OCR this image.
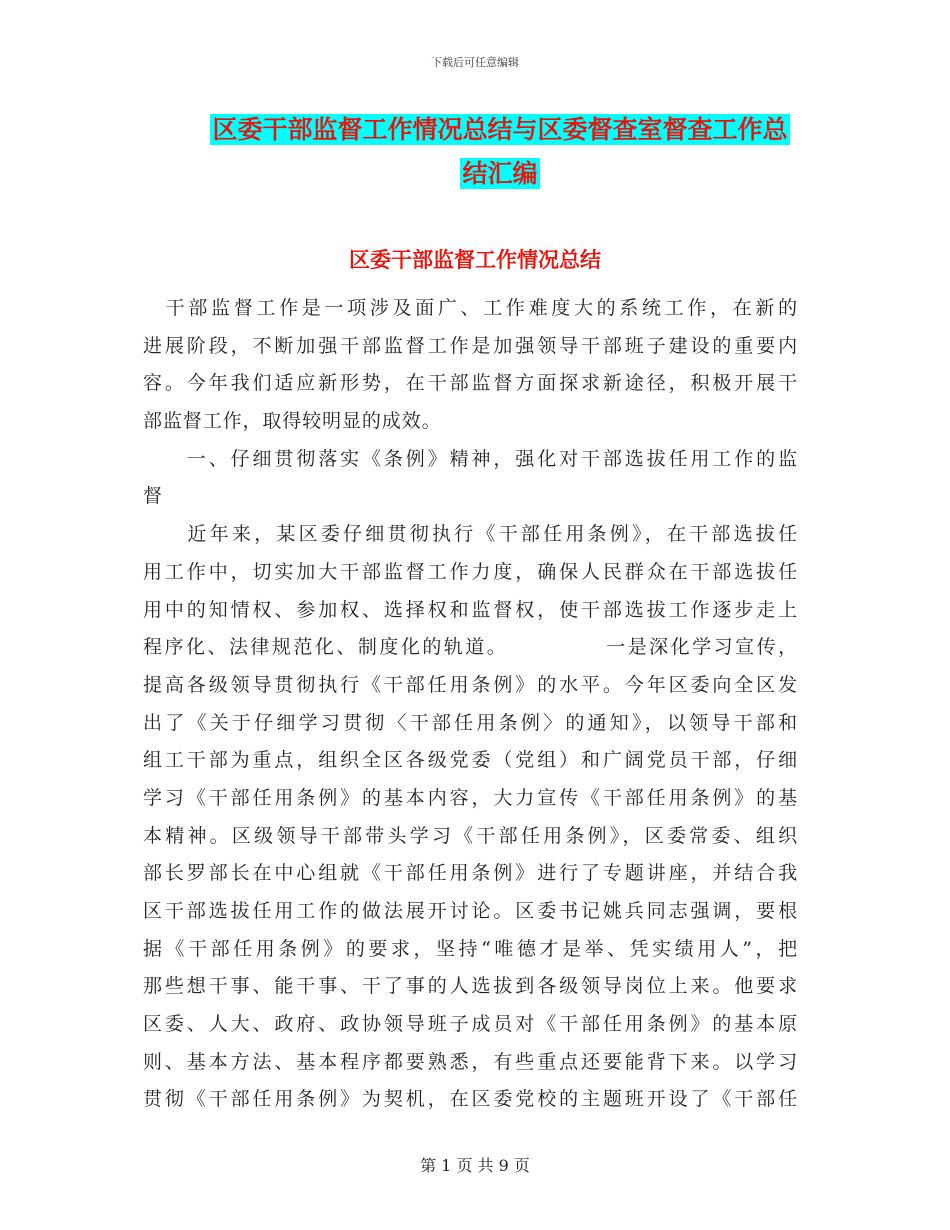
下载后可任意编辑
区委干部监督工作情况总结与区委督查室督查工作总
结汇编
区委干部监督工作情况总结
　干部监督工作是一项涉及面广、工作难度大的系统工作，在新的
进展阶段，不断加强干部监督工作是加强领导干部班子建设的重要内
容。今年我们适应新形势，在干部监督方面探求新途径，积极开展干
部监督工作，取得较明显的成效。
　　一、仔细贯彻落实《条例》精神，强化对干部选拔任用工作的监
督
　　近年来，某区委仔细贯彻执行《干部任用条例》，在干部选拔任
用工作中，切实加大干部监督工作力度，确保人民群众在干部选拔任
用中的知情权、参加权、选择权和监督权，使干部选拔工作逐步走上
程序化、法律规范化、制度化的轨道。　　　　　一是深化学习宣传，
提高各级领导贯彻执行《干部任用条例》的水平。今年区委向全区发
出了《关于仔细学习贯彻〈干部任用条例〉的通知》，以领导干部和
组工干部为重点，组织全区各级党委（党组）和广阔党员干部，仔细
学习《干部任用条例》的基本内容，大力宣传《干部任用条例》的基
本精神。区级领导干部带头学习《干部任用条例》，区委常委、组织
部长罗部长在中心组就《干部任用条例》进行了专题讲座，并结合我
区干部选拔任用工作的做法展开讨论。区委书记姚兵同志强调，要根
据《干部任用条例》的要求，坚持“唯德才是举、凭实绩用人”，把
那些想干事、能干事、干了事的人选拔到各级领导岗位上来。他要求
区委、人大、政府、政协领导班子成员对《干部任用条例》的基本原
则、基本方法、基本程序都要熟悉，有些重点还要能背下来。以学习
贯彻《干部任用条例》为契机，在区委党校的主题班开设了《干部任
第 1 页 共 9 页
